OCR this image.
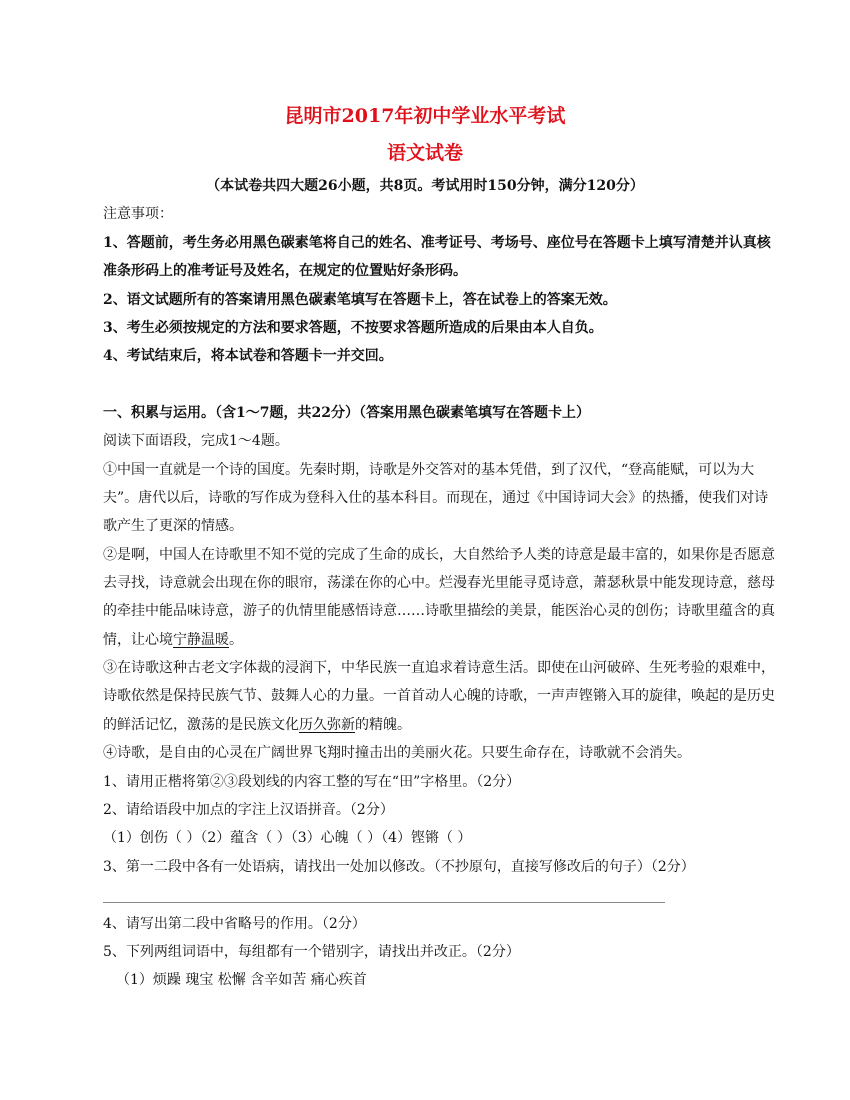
昆明市2017年初中学业水平考试
语文试卷
（本试卷共四大题26小题，共8页。考试用时150分钟，满分120分）
注意事项：
1、答题前，考生务必用黑色碳素笔将自己的姓名、准考证号、考场号、座位号在答题卡上填写清楚并认真核
准条形码上的准考证号及姓名，在规定的位置贴好条形码。
2、语文试题所有的答案请用黑色碳素笔填写在答题卡上，答在试卷上的答案无效。
3、考生必须按规定的方法和要求答题，不按要求答题所造成的后果由本人自负。
4、考试结束后，将本试卷和答题卡一并交回。
一、积累与运用。（含1～7题，共22分）（答案用黑色碳素笔填写在答题卡上）
阅读下面语段，完成1～4题。
①中国一直就是一个诗的国度。先秦时期，诗歌是外交答对的基本凭借，到了汉代，“登高能赋，可以为大
夫”。唐代以后，诗歌的写作成为登科入仕的基本科目。而现在，通过《中国诗词大会》的热播，使我们对诗
歌产生了更深的情感。
②是啊，中国人在诗歌里不知不觉的完成了生命的成长，大自然给予人类的诗意是最丰富的，如果你是否愿意
去寻找，诗意就会出现在你的眼帘，荡漾在你的心中。烂漫春光里能寻觅诗意，萧瑟秋景中能发现诗意，慈母
的牵挂中能品味诗意，游子的仇情里能感悟诗意……诗歌里描绘的美景，能医治心灵的创伤；诗歌里蕴含的真
情，让心境宁静温暖。
③在诗歌这种古老文字体裁的浸润下，中华民族一直追求着诗意生活。即使在山河破碎、生死考验的艰难中，
诗歌依然是保持民族气节、鼓舞人心的力量。一首首动人心魄的诗歌，一声声铿锵入耳的旋律，唤起的是历史
的鲜活记忆，激荡的是民族文化历久弥新的精魄。
④诗歌，是自由的心灵在广阔世界飞翔时撞击出的美丽火花。只要生命存在，诗歌就不会消失。
1、请用正楷将第②③段划线的内容工整的写在“田”字格里。（2分）
2、请给语段中加点的字注上汉语拼音。（2分）
（1）创伤（ ）（2）蕴含（ ）（3）心魄（ ）（4）铿锵（ ）
3、第一二段中各有一处语病，请找出一处加以修改。（不抄原句，直接写修改后的句子）（2分）
4、请写出第二段中省略号的作用。（2分）
5、下列两组词语中，每组都有一个错别字，请找出并改正。（2分）
（1）烦躁 瑰宝 松懈 含辛如苦 痛心疾首
